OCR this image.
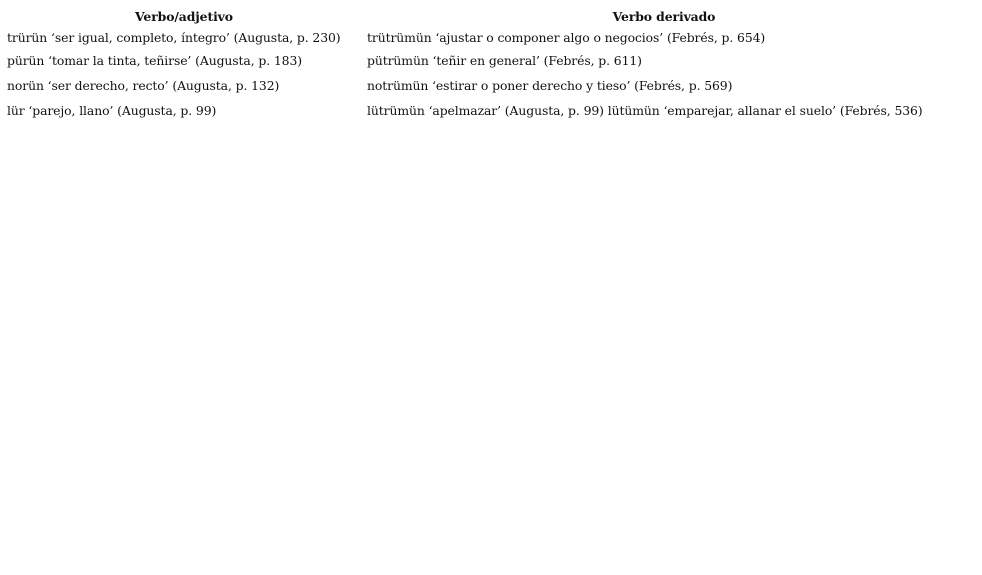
Verbo/adjetivo	Verbo derivado
trürün ‘ser igual, completo, íntegro’ (Augusta, p. 230)	trütrümün ‘ajustar o componer algo o negocios’ (Febrés, p. 654)
pürün ‘tomar la tinta, teñirse’ (Augusta, p. 183)	pütrümün ‘teñir en general’ (Febrés, p. 611)
norün ‘ser derecho, recto’ (Augusta, p. 132)	notrümün ‘estirar o poner derecho y tieso’ (Febrés, p. 569)
lür ‘parejo, llano’ (Augusta, p. 99)	lütrümün ‘apelmazar’ (Augusta, p. 99) lütümün ‘emparejar, allanar el suelo’ (Febrés, 536)
